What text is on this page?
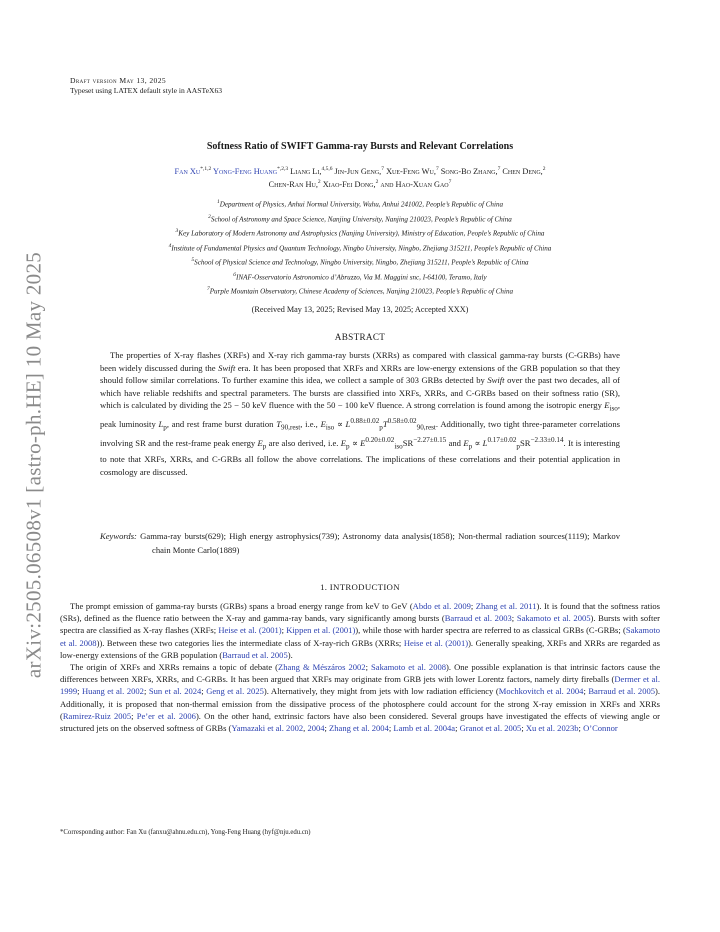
arXiv:2505.06508v1 [astro-ph.HE] 10 May 2025
Draft version May 13, 2025
Typeset using LATEX default style in AASTeX63
Softness Ratio of SWIFT Gamma-ray Bursts and Relevant Correlations
Fan $Xu^{*,1,2}$ Yong-Feng Huang$^{*,2,3}$ Liang Li,$^{4,5,6}$ Jin-Jun Geng,$^7$ Xue-Feng Wu,$^7$ Song-Bo Zhang,$^7$ Chen Deng,$^2$
Chen-Ran Hu,$^2$ Xiao-Fei Dong,$^2$ and Hao-Xuan Gao$^7$
$^1$Department of Physics, Anhui Normal University, Wuhu, Anhui 241002, People’s Republic of China
$^2$School of Astronomy and Space Science, Nanjing University, Nanjing 210023, People’s Republic of China
$^3$Key Laboratory of Modern Astronomy and Astrophysics (Nanjing University), Ministry of Education, People’s Republic of China
$^4$Institute of Fundamental Physics and Quantum Technology, Ningbo University, Ningbo, Zhejiang 315211, People’s Republic of China
$^5$School of Physical Science and Technology, Ningbo University, Ningbo, Zhejiang 315211, People’s Republic of China
$^6$INAF-Osservatorio Astronomico d’Abruzzo, Via M. Maggini snc, I-64100, Teramo, Italy
$^7$Purple Mountain Observatory, Chinese Academy of Sciences, Nanjing 210023, People’s Republic of China
(Received May 13, 2025; Revised May 13, 2025; Accepted XXX)
ABSTRACT
The properties of X-ray flashes (XRFs) and X-ray rich gamma-ray bursts (XRRs) as compared with classical gamma-ray bursts (C-GRBs) have been widely discussed during the Swift era. It has been proposed that XRFs and XRRs are low-energy extensions of the GRB population so that they should follow similar correlations. To further examine this idea, we collect a sample of 303 GRBs detected by Swift over the past two decades, all of which have reliable redshifts and spectral parameters. The bursts are classified into XRFs, XRRs, and C-GRBs based on their softness ratio (SR), which is calculated by dividing the 25 − 50 keV fluence with the 50 − 100 keV fluence. A strong correlation is found among the isotropic energy $E_{iso}$, peak luminosity $L_p$, and rest frame burst duration $T_{90,rest}$, i.e., $E_{iso} \propto L^{0.88\pm 0.02}_pT^{0.58\pm 0.02}_{90,rest}$. Additionally, two tight three-parameter correlations involving SR and the rest-frame peak energy $E_p$ are also derived, i.e. $E_p \propto E^{0.20\pm 0.02}_{iso}SR^{-2.27\pm 0.15}$ and $E_p \propto L^{0.17\pm 0.02}_pSR^{-2.33\pm 0.14}$. It is interesting to note that XRFs, XRRs, and C-GRBs all follow the above correlations. The implications of these correlations and their potential application in cosmology are discussed.
Keywords: Gamma-ray bursts(629); High energy astrophysics(739); Astronomy data analysis(1858); Non-thermal radiation sources(1119); Markov chain Monte Carlo(1889)
1. INTRODUCTION

The prompt emission of gamma-ray bursts (GRBs) spans a broad energy range from keV to GeV (Abdo et al. 2009; Zhang et al. 2011). It is found that the softness ratios (SRs), defined as the fluence ratio between the X-ray and gamma-ray bands, vary significantly among bursts (Barraud et al. 2003; Sakamoto et al. 2005). Bursts with softer spectra are classified as X-ray flashes (XRFs; Heise et al. (2001); Kippen et al. (2001)), while those with harder spectra are referred to as classical GRBs (C-GRBs; (Sakamoto et al. 2008)). Between these two categories lies the intermediate class of X-ray-rich GRBs (XRRs; Heise et al. (2001)). Generally speaking, XRFs and XRRs are regarded as low-energy extensions of the GRB population (Barraud et al. 2005).

The origin of XRFs and XRRs remains a topic of debate (Zhang & Mészáros 2002; Sakamoto et al. 2008). One possible explanation is that intrinsic factors cause the differences between XRFs, XRRs, and C-GRBs. It has been argued that XRFs may originate from GRB jets with lower Lorentz factors, namely dirty fireballs (Dermer et al. 1999; Huang et al. 2002; Sun et al. 2024; Geng et al. 2025). Alternatively, they might from jets with low radiation efficiency (Mochkovitch et al. 2004; Barraud et al. 2005). Additionally, it is proposed that non-thermal emission from the dissipative process of the photosphere could account for the strong X-ray emission in XRFs and XRRs (Ramirez-Ruiz 2005; Pe’er et al. 2006). On the other hand, extrinsic factors have also been considered. Several groups have investigated the effects of viewing angle or structured jets on the observed softness of GRBs (Yamazaki et al. 2002, 2004; Zhang et al. 2004; Lamb et al. 2004a; Granot et al. 2005; Xu et al. 2023b; O’Connor

*Corresponding author: Fan Xu (fanxu@ahnu.edu.cn), Yong-Feng Huang (hyf@nju.edu.cn)
